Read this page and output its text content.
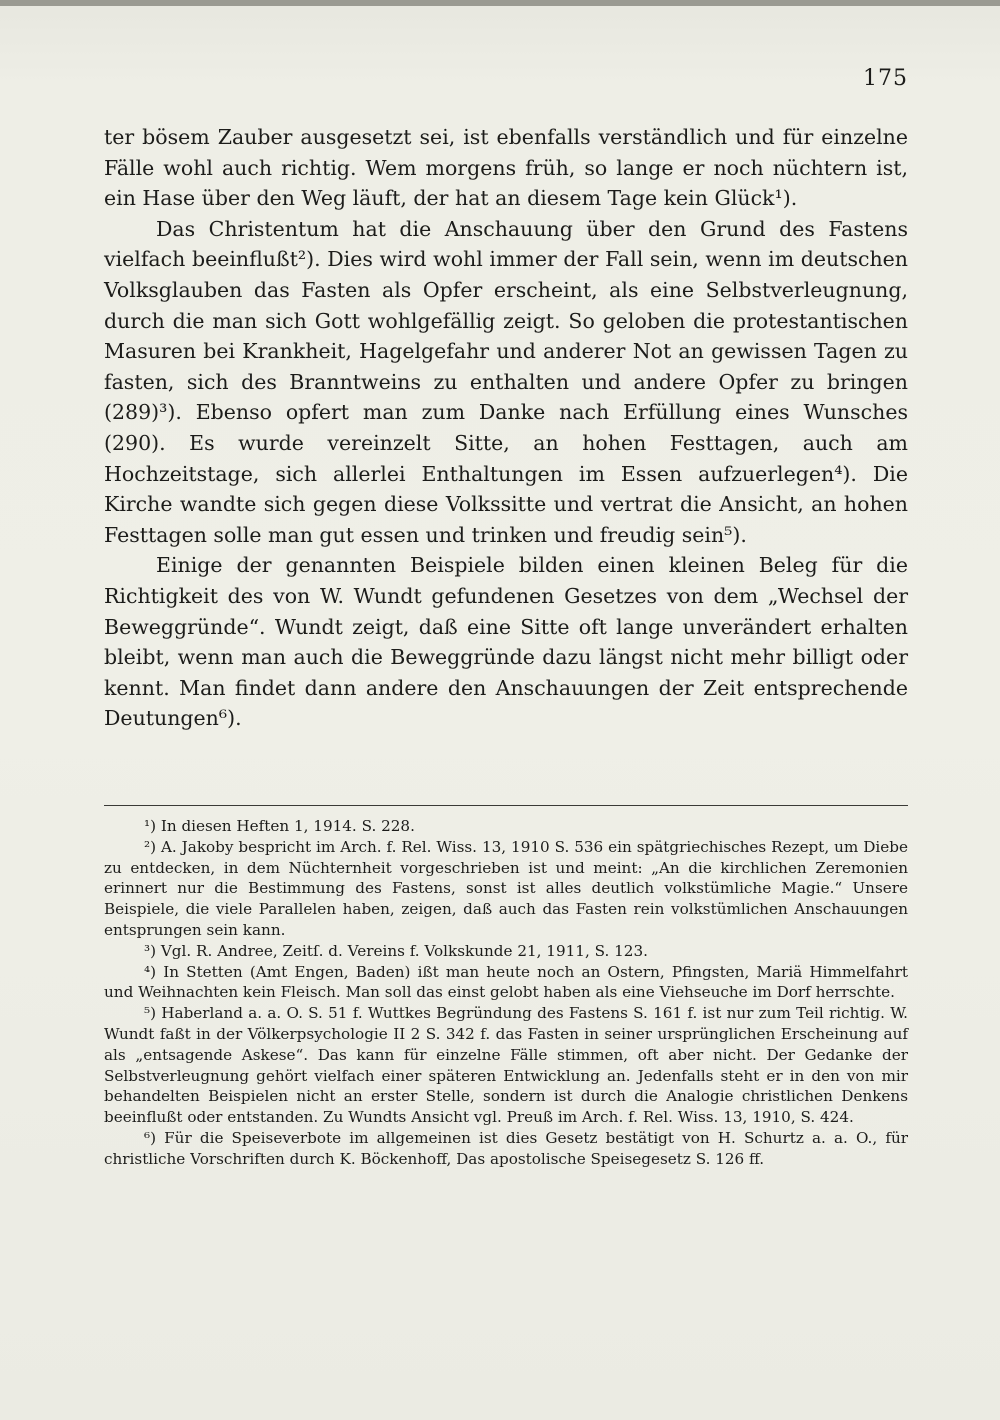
175

ter bösem Zauber ausgesetzt sei, ist ebenfalls verständlich und für einzelne Fälle wohl auch richtig. Wem morgens früh, so lange er noch nüchtern ist, ein Hase über den Weg läuft, der hat an diesem Tage kein Glück¹).

Das Christentum hat die Anschauung über den Grund des Fastens vielfach beeinflußt²). Dies wird wohl immer der Fall sein, wenn im deutschen Volksglauben das Fasten als Opfer erscheint, als eine Selbstverleugnung, durch die man sich Gott wohlgefällig zeigt. So geloben die protestantischen Masuren bei Krankheit, Hagelgefahr und anderer Not an gewissen Tagen zu fasten, sich des Branntweins zu enthalten und andere Opfer zu bringen (289)³). Ebenso opfert man zum Danke nach Erfüllung eines Wunsches (290). Es wurde vereinzelt Sitte, an hohen Festtagen, auch am Hochzeitstage, sich allerlei Enthaltungen im Essen aufzuerlegen⁴). Die Kirche wandte sich gegen diese Volkssitte und vertrat die Ansicht, an hohen Festtagen solle man gut essen und trinken und freudig sein⁵).

Einige der genannten Beispiele bilden einen kleinen Beleg für die Richtigkeit des von W. Wundt gefundenen Gesetzes von dem „Wechsel der Beweggründe“. Wundt zeigt, daß eine Sitte oft lange unverändert erhalten bleibt, wenn man auch die Beweggründe dazu längst nicht mehr billigt oder kennt. Man findet dann andere den Anschauungen der Zeit entsprechende Deutungen⁶).

¹) In diesen Heften 1, 1914. S. 228.

²) A. Jakoby bespricht im Arch. f. Rel. Wiss. 13, 1910 S. 536 ein spätgriechisches Rezept, um Diebe zu entdecken, in dem Nüchternheit vorgeschrieben ist und meint: „An die kirchlichen Zeremonien erinnert nur die Bestimmung des Fastens, sonst ist alles deutlich volkstümliche Magie.“ Unsere Beispiele, die viele Parallelen haben, zeigen, daß auch das Fasten rein volkstümlichen Anschauungen entsprungen sein kann.

³) Vgl. R. Andree, Zeitſ. d. Vereins f. Volkskunde 21, 1911, S. 123.

⁴) In Stetten (Amt Engen, Baden) ißt man heute noch an Ostern, Pfingsten, Mariä Himmelfahrt und Weihnachten kein Fleisch. Man soll das einst gelobt haben als eine Viehseuche im Dorf herrschte.

⁵) Haberland a. a. O. S. 51 f. Wuttkes Begründung des Fastens S. 161 f. ist nur zum Teil richtig. W. Wundt faßt in der Völkerpsychologie II 2 S. 342 f. das Fasten in seiner ursprünglichen Erscheinung auf als „entsagende Askese“. Das kann für einzelne Fälle stimmen, oft aber nicht. Der Gedanke der Selbstverleugnung gehört vielfach einer späteren Entwicklung an. Jedenfalls steht er in den von mir behandelten Beispielen nicht an erster Stelle, sondern ist durch die Analogie christlichen Denkens beeinflußt oder entstanden. Zu Wundts Ansicht vgl. Preuß im Arch. f. Rel. Wiss. 13, 1910, S. 424.

⁶) Für die Speiseverbote im allgemeinen ist dies Gesetz bestätigt von H. Schurtz a. a. O., für christliche Vorschriften durch K. Böckenhoff, Das apostolische Speisegesetz S. 126 ff.
